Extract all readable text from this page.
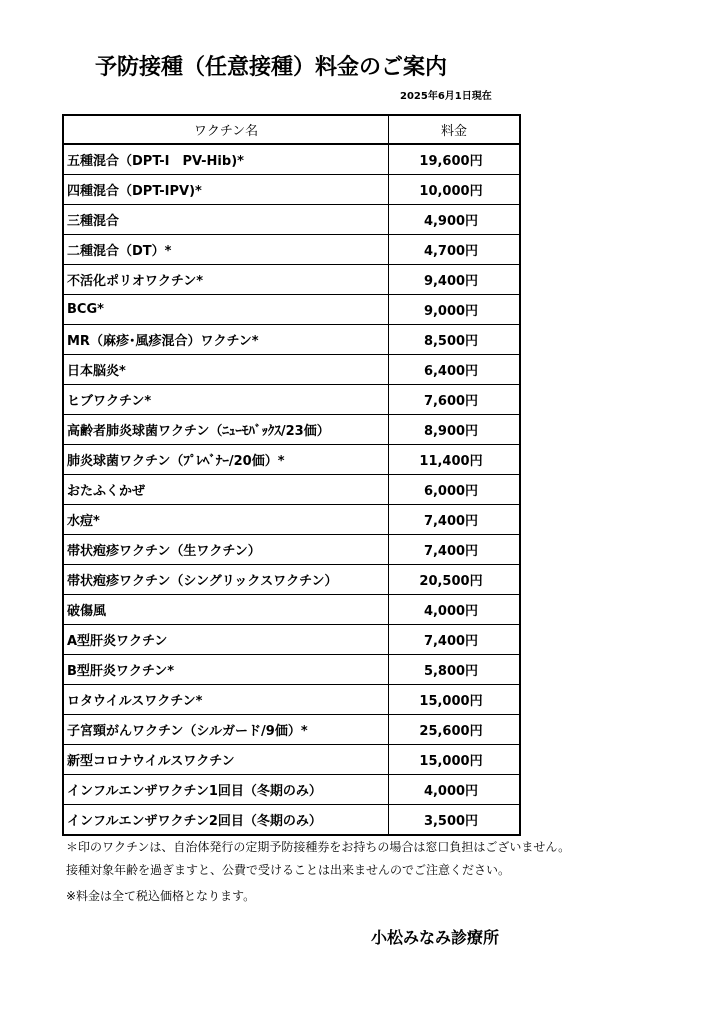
予防接種（任意接種）料金のご案内
2025年6月1日現在
ワクチン名	料金
五種混合（DPT-I　PV-Hib)*	19,600円
四種混合（DPT-IPV)*	10,000円
三種混合	4,900円
二種混合（DT）*	4,700円
不活化ポリオワクチン*	9,400円
BCG*	9,000円
MR（麻疹･風疹混合）ワクチン*	8,500円
日本脳炎*	6,400円
ヒブワクチン*	7,600円
高齢者肺炎球菌ワクチン（ﾆｭｰﾓﾊﾞｯｸｽ/23価）	8,900円
肺炎球菌ワクチン（ﾌﾟﾚﾍﾞﾅｰ/20価）*	11,400円
おたふくかぜ	6,000円
水痘*	7,400円
帯状疱疹ワクチン（生ワクチン）	7,400円
帯状疱疹ワクチン（シングリックスワクチン）	20,500円
破傷風	4,000円
A型肝炎ワクチン	7,400円
B型肝炎ワクチン*	5,800円
ロタウイルスワクチン*	15,000円
子宮頸がんワクチン（シルガード/9価）*	25,600円
新型コロナウイルスワクチン	15,000円
インフルエンザワクチン1回目（冬期のみ）	4,000円
インフルエンザワクチン2回目（冬期のみ）	3,500円
＊印のワクチンは、自治体発行の定期予防接種券をお持ちの場合は窓口負担はございません。
接種対象年齢を過ぎますと、公費で受けることは出来ませんのでご注意ください。
※料金は全て税込価格となります。
小松みなみ診療所
